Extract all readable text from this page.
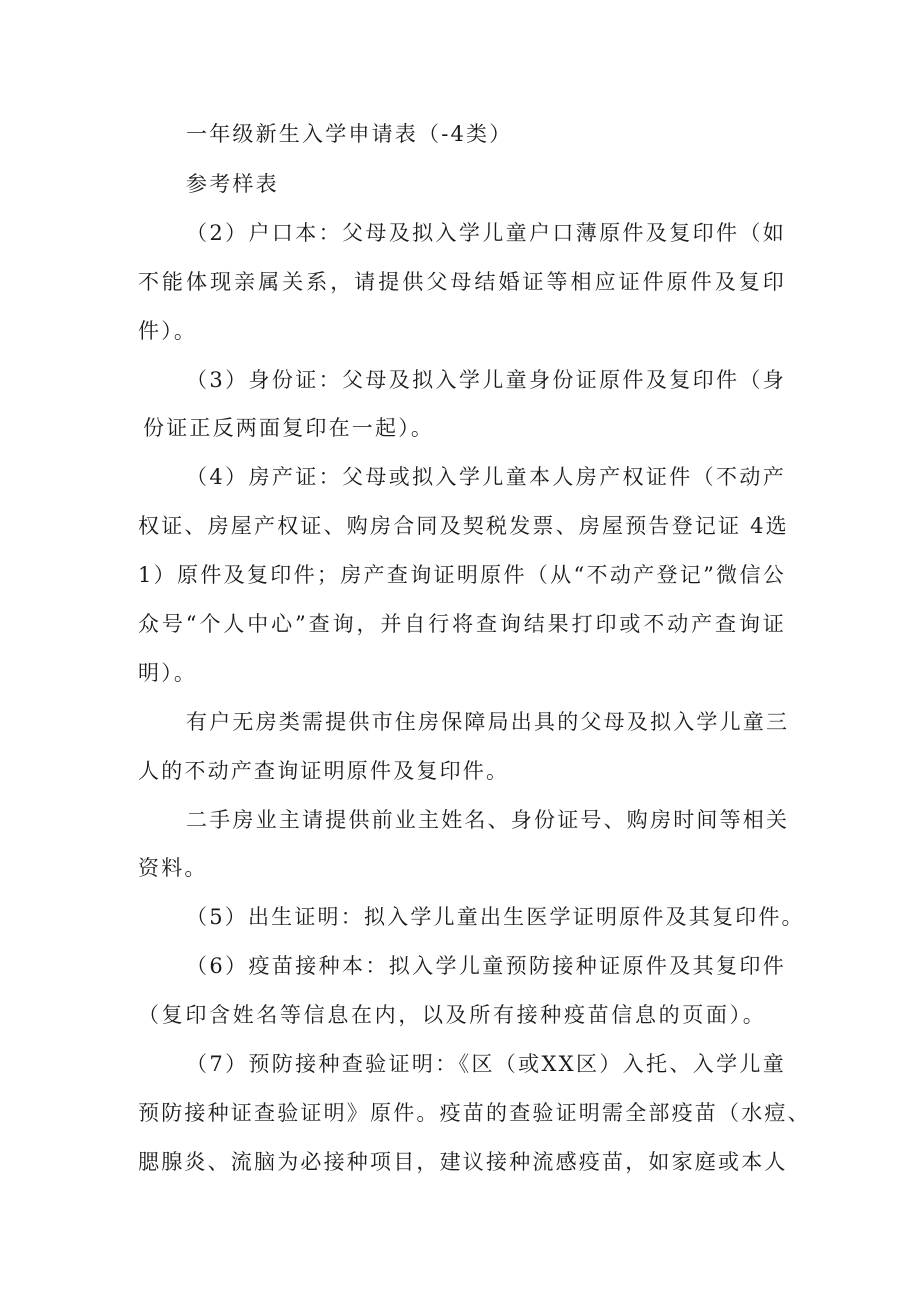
一年级新生入学申请表（-4类）
参考样表
（2）户口本：父母及拟入学儿童户口薄原件及复印件（如
不能体现亲属关系，请提供父母结婚证等相应证件原件及复印
件）。
（3）身份证：父母及拟入学儿童身份证原件及复印件（身
份证正反两面复印在一起）。
（4）房产证：父母或拟入学儿童本人房产权证件（不动产
权证、房屋产权证、购房合同及契税发票、房屋预告登记证 4选
1）原件及复印件；房产查询证明原件（从“不动产登记”微信公
众号“个人中心”查询，并自行将查询结果打印或不动产查询证
明）。
有户无房类需提供市住房保障局出具的父母及拟入学儿童三
人的不动产查询证明原件及复印件。
二手房业主请提供前业主姓名、身份证号、购房时间等相关
资料。
（5）出生证明：拟入学儿童出生医学证明原件及其复印件。
（6）疫苗接种本：拟入学儿童预防接种证原件及其复印件
（复印含姓名等信息在内，以及所有接种疫苗信息的页面）。
（7）预防接种查验证明：《区（或XX区）入托、入学儿童
预防接种证查验证明》原件。疫苗的查验证明需全部疫苗（水痘、
腮腺炎、流脑为必接种项目，建议接种流感疫苗，如家庭或本人
